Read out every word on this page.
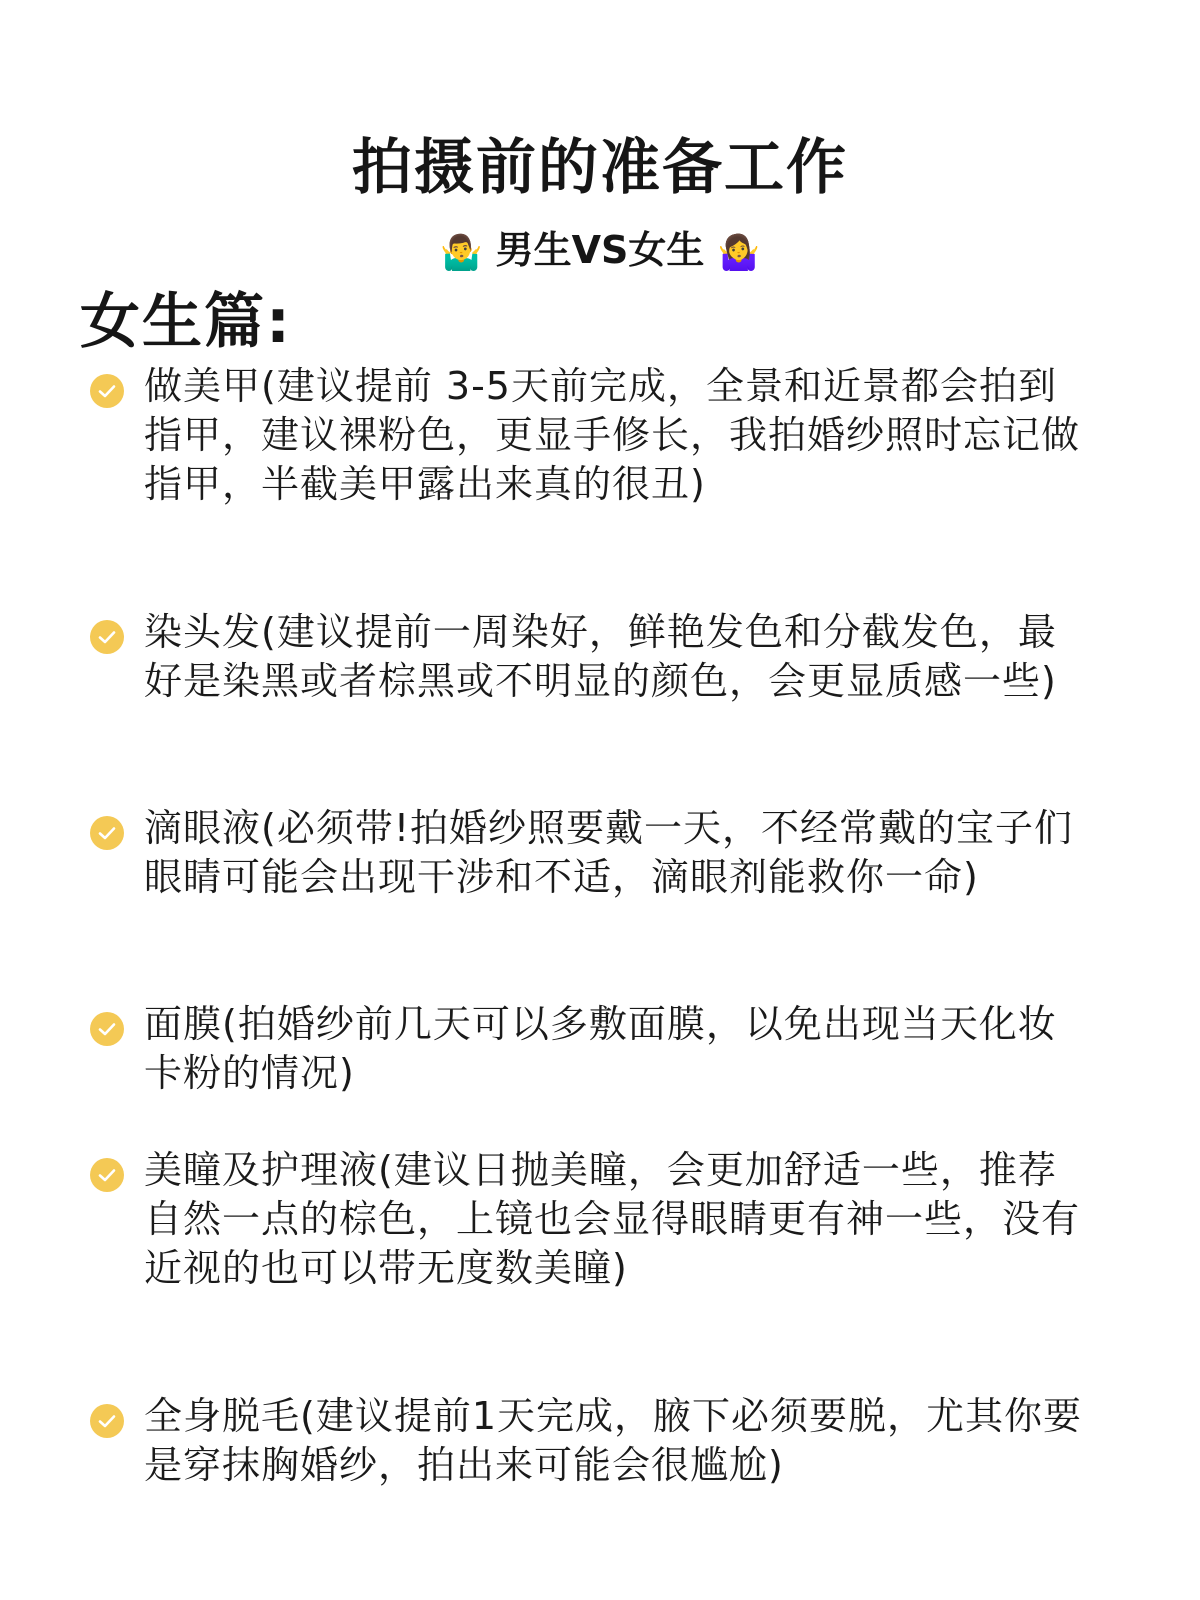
拍摄前的准备工作
🤷‍♂️ 男生VS女生 🤷‍♀️
女生篇:
做美甲(建议提前 3-5天前完成，全景和近景都会拍到指甲，建议裸粉色，更显手修长，我拍婚纱照时忘记做指甲，半截美甲露出来真的很丑)
染头发(建议提前一周染好，鲜艳发色和分截发色，最好是染黑或者棕黑或不明显的颜色，会更显质感一些)
滴眼液(必须带!拍婚纱照要戴一天，不经常戴的宝子们眼睛可能会出现干涉和不适，滴眼剂能救你一命)
面膜(拍婚纱前几天可以多敷面膜，以免出现当天化妆卡粉的情况)
美瞳及护理液(建议日抛美瞳，会更加舒适一些，推荐自然一点的棕色，上镜也会显得眼睛更有神一些，没有近视的也可以带无度数美瞳)
全身脱毛(建议提前1天完成，腋下必须要脱，尤其你要是穿抹胸婚纱，拍出来可能会很尴尬)
